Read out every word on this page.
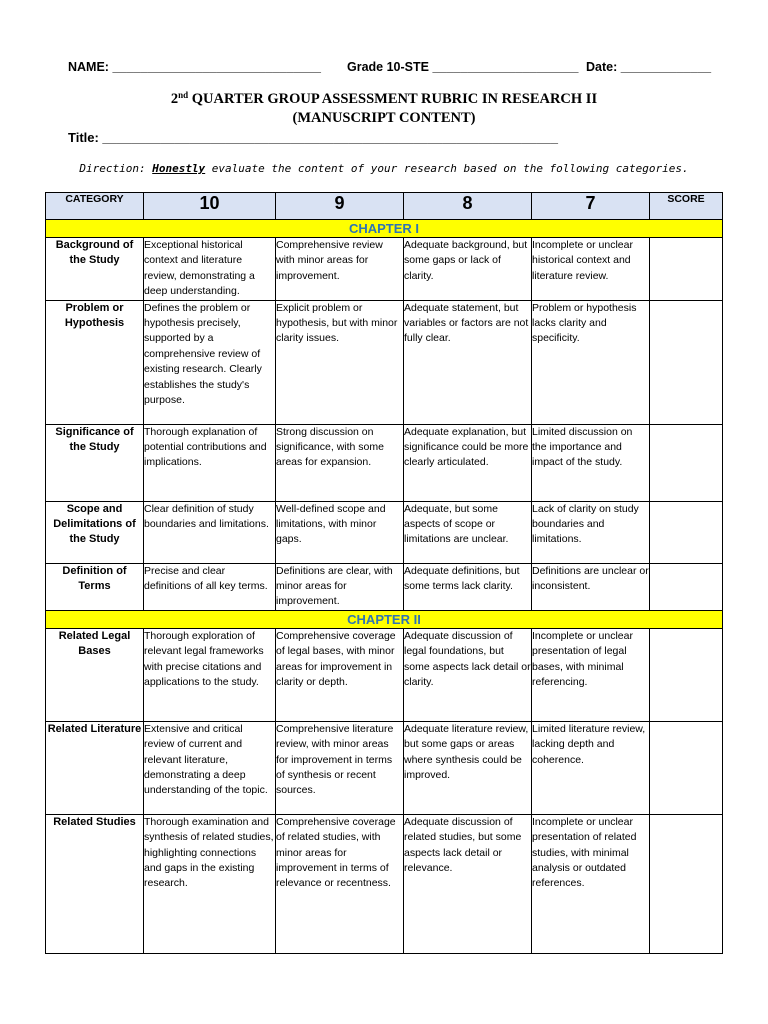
NAME: ______________________________ Grade 10-STE _____________________ Date: _____________
2nd QUARTER GROUP ASSESSMENT RUBRIC IN RESEARCH II
(MANUSCRIPT CONTENT)
Title: _______________________________________________________________
Direction: Honestly evaluate the content of your research based on the following categories.
CATEGORY	10	9	8	7	SCORE
CHAPTER I					
Background of the Study	Exceptional historical context and literature review, demonstrating a deep understanding.	Comprehensive review with minor areas for improvement.	Adequate background, but some gaps or lack of clarity.	Incomplete or unclear historical context and literature review.	
Problem or Hypothesis	Defines the problem or hypothesis precisely, supported by a comprehensive review of existing research. Clearly establishes the study's purpose.	Explicit problem or hypothesis, but with minor clarity issues.	Adequate statement, but variables or factors are not fully clear.	Problem or hypothesis lacks clarity and specificity.	
Significance of the Study	Thorough explanation of potential contributions and implications.	Strong discussion on significance, with some areas for expansion.	Adequate explanation, but significance could be more clearly articulated.	Limited discussion on the importance and impact of the study.	
Scope and Delimitations of the Study	Clear definition of study boundaries and limitations.	Well-defined scope and limitations, with minor gaps.	Adequate, but some aspects of scope or limitations are unclear.	Lack of clarity on study boundaries and limitations.	
Definition of Terms	Precise and clear definitions of all key terms.	Definitions are clear, with minor areas for improvement.	Adequate definitions, but some terms lack clarity.	Definitions are unclear or inconsistent.	
CHAPTER II					
Related Legal Bases	Thorough exploration of relevant legal frameworks with precise citations and applications to the study.	Comprehensive coverage of legal bases, with minor areas for improvement in clarity or depth.	Adequate discussion of legal foundations, but some aspects lack detail or clarity.	Incomplete or unclear presentation of legal bases, with minimal referencing.	
Related Literature	Extensive and critical review of current and relevant literature, demonstrating a deep understanding of the topic.	Comprehensive literature review, with minor areas for improvement in terms of synthesis or recent sources.	Adequate literature review, but some gaps or areas where synthesis could be improved.	Limited literature review, lacking depth and coherence.	
Related Studies	Thorough examination and synthesis of related studies, highlighting connections and gaps in the existing research.	Comprehensive coverage of related studies, with minor areas for improvement in terms of relevance or recentness.	Adequate discussion of related studies, but some aspects lack detail or relevance.	Incomplete or unclear presentation of related studies, with minimal analysis or outdated references.	
